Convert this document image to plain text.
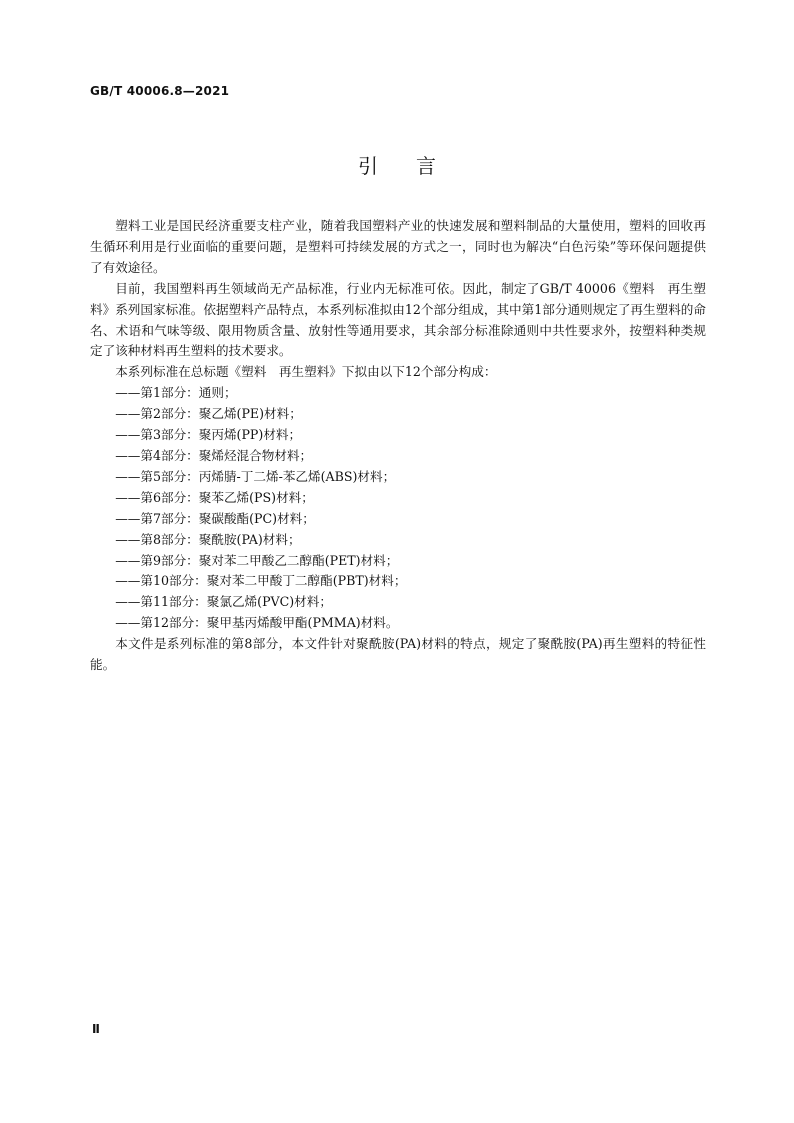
GB/T 40006.8—2021
引言

塑料工业是国民经济重要支柱产业，随着我国塑料产业的快速发展和塑料制品的大量使用，塑料的回收再生循环利用是行业面临的重要问题，是塑料可持续发展的方式之一，同时也为解决“白色污染”等环保问题提供了有效途径。

目前，我国塑料再生领域尚无产品标准，行业内无标准可依。因此，制定了GB/T 40006《塑料　再生塑料》系列国家标准。依据塑料产品特点，本系列标准拟由12个部分组成，其中第1部分通则规定了再生塑料的命名、术语和气味等级、限用物质含量、放射性等通用要求，其余部分标准除通则中共性要求外，按塑料种类规定了该种材料再生塑料的技术要求。

本系列标准在总标题《塑料　再生塑料》下拟由以下12个部分构成：

——第1部分：通则；
——第2部分：聚乙烯(PE)材料；
——第3部分：聚丙烯(PP)材料；
——第4部分：聚烯烃混合物材料；
——第5部分：丙烯腈-丁二烯-苯乙烯(ABS)材料；
——第6部分：聚苯乙烯(PS)材料；
——第7部分：聚碳酸酯(PC)材料；
——第8部分：聚酰胺(PA)材料；
——第9部分：聚对苯二甲酸乙二醇酯(PET)材料；
——第10部分：聚对苯二甲酸丁二醇酯(PBT)材料；
——第11部分：聚氯乙烯(PVC)材料；
——第12部分：聚甲基丙烯酸甲酯(PMMA)材料。

本文件是系列标准的第8部分，本文件针对聚酰胺(PA)材料的特点，规定了聚酰胺(PA)再生塑料的特征性能。

Ⅱ
